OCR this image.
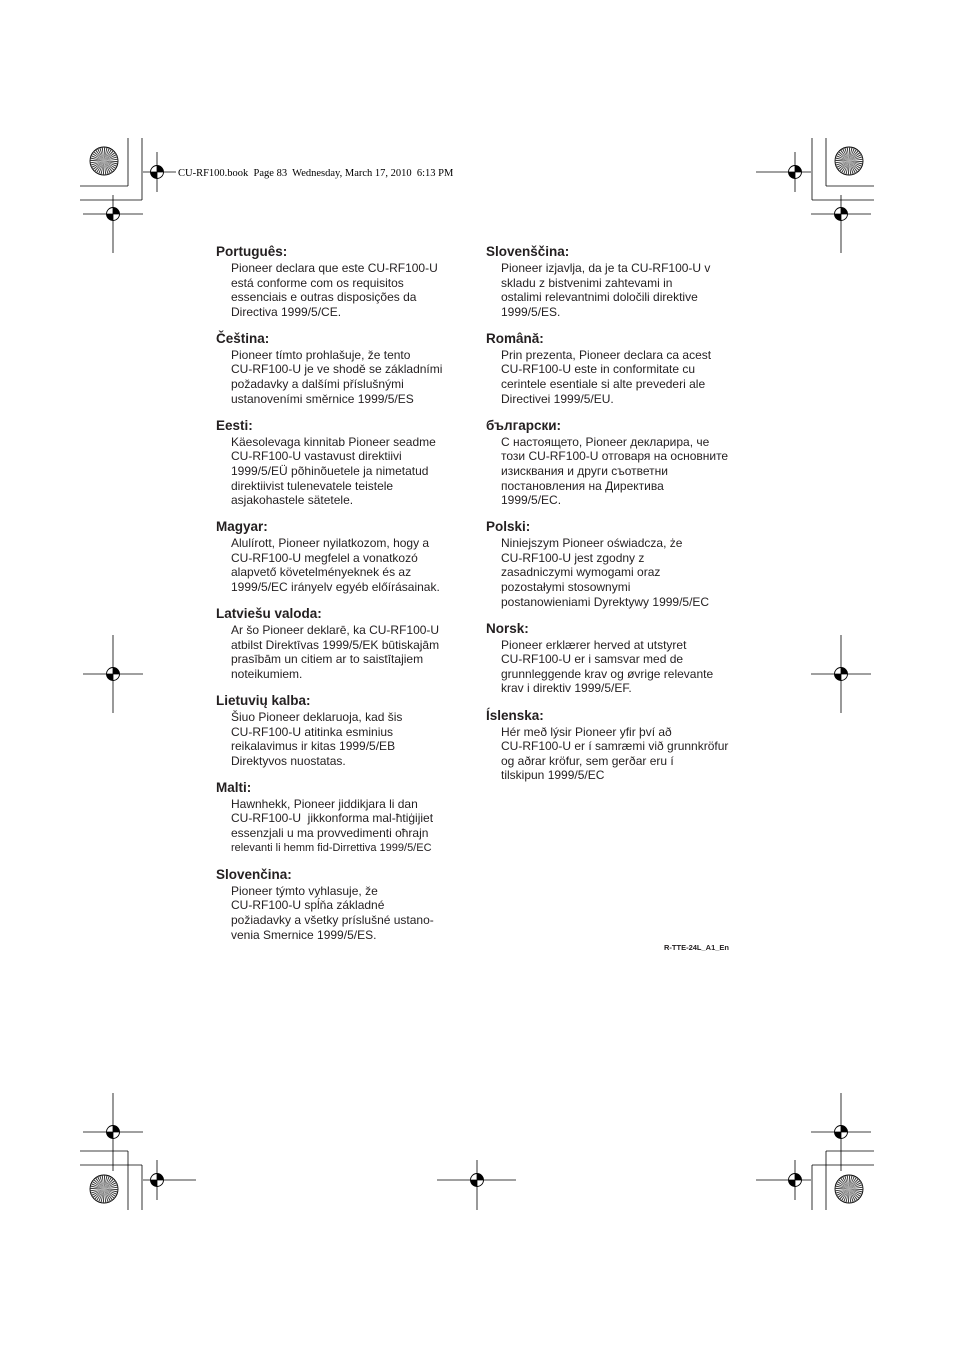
CU-RF100.book  Page 83  Wednesday, March 17, 2010  6:13 PM
Português:
Pioneer declara que este CU-RF100-U
está conforme com os requisitos
essenciais e outras disposições da
Directiva 1999/5/CE.
Čeština:
Pioneer tímto prohlašuje, že tento
CU-RF100-U je ve shodě se základními
požadavky a dalšími příslušnými
ustanoveními směrnice 1999/5/ES
Eesti:
Käesolevaga kinnitab Pioneer seadme
CU-RF100-U vastavust direktiivi
1999/5/EÜ põhinõuetele ja nimetatud
direktiivist tulenevatele teistele
asjakohastele sätetele.
Magyar:
Alulírott, Pioneer nyilatkozom, hogy a
CU-RF100-U megfelel a vonatkozó
alapvető követelményeknek és az
1999/5/EC irányelv egyéb előírásainak.
Latviešu valoda:
Ar šo Pioneer deklarē, ka CU-RF100-U
atbilst Direktīvas 1999/5/EK būtiskajām
prasībām un citiem ar to saistītajiem
noteikumiem.
Lietuvių kalba:
Šiuo Pioneer deklaruoja, kad šis
CU-RF100-U atitinka esminius
reikalavimus ir kitas 1999/5/EB
Direktyvos nuostatas.
Malti:
Hawnhekk, Pioneer jiddikjara li dan
CU-RF100-U  jikkonforma mal-ħtiġijiet
essenzjali u ma provvedimenti oħrajn
relevanti li hemm fid-Dirrettiva 1999/5/EC
Slovenčina:
Pioneer týmto vyhlasuje, že
CU-RF100-U spĺňa základné
požiadavky a všetky príslušné ustano-
venia Smernice 1999/5/ES.
Slovenščina:
Pioneer izjavlja, da je ta CU-RF100-U v
skladu z bistvenimi zahtevami in
ostalimi relevantnimi določili direktive
1999/5/ES.
Română:
Prin prezenta, Pioneer declara ca acest
CU-RF100-U este in conformitate cu
cerintele esentiale si alte prevederi ale
Directivei 1999/5/EU.
български:
С настоящето, Pioneer декларира, че
този CU-RF100-U отговаря на основните
изисквания и други съответни
постановления на Директива
1999/5/EC.
Polski:
Niniejszym Pioneer oświadcza, że
CU-RF100-U jest zgodny z
zasadniczymi wymogami oraz
pozostałymi stosownymi
postanowieniami Dyrektywy 1999/5/EC
Norsk:
Pioneer erklærer herved at utstyret
CU-RF100-U er i samsvar med de
grunnleggende krav og øvrige relevante
krav i direktiv 1999/5/EF.
Íslenska:
Hér með lýsir Pioneer yfir því að
CU-RF100-U er í samræmi við grunnkröfur
og aðrar kröfur, sem gerðar eru í
tilskipun 1999/5/EC
R-TTE-24L_A1_En
